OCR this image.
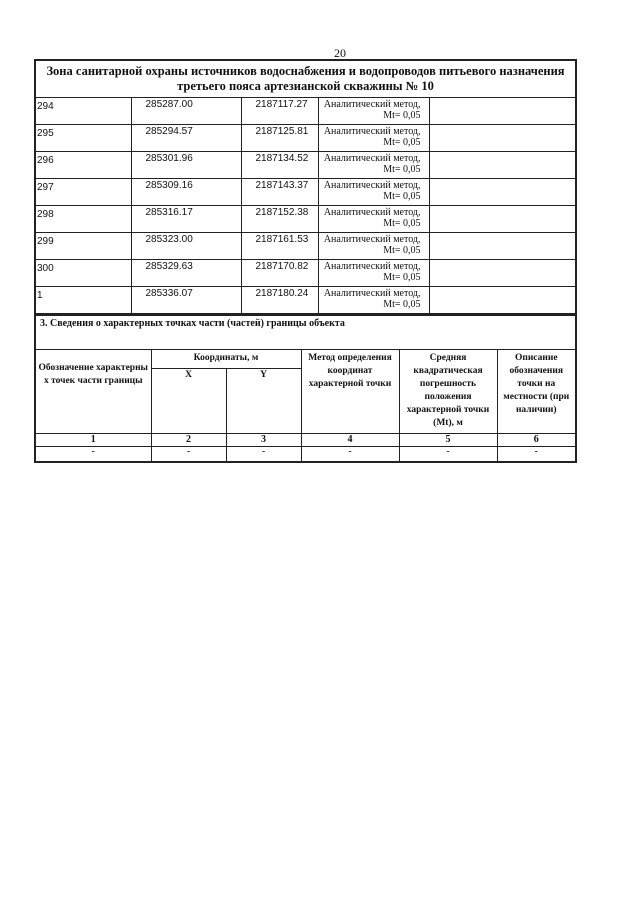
20
Зона санитарной охраны источников водоснабжения и водопроводов питьевого назначения третьего пояса артезианской скважины № 10				
294	285287.00	2187117.27	Аналитический метод,
Mt= 0,05	

295	285294.57	2187125.81	Аналитический метод,
Mt= 0,05	

296	285301.96	2187134.52	Аналитический метод,
Mt= 0,05	

297	285309.16	2187143.37	Аналитический метод,
Mt= 0,05	

298	285316.17	2187152.38	Аналитический метод,
Mt= 0,05	

299	285323.00	2187161.53	Аналитический метод,
Mt= 0,05	

300	285329.63	2187170.82	Аналитический метод,
Mt= 0,05	

1	285336.07	2187180.24	Аналитический метод,
Mt= 0,05	

3. Сведения о характерных точках части (частей) границы объекта					
Обозначение характерны х точек части границы	Координаты, м		Метод определения координат характерной точки	Средняя квадратическая погрешность положения характерной точки (Mt), м	Описание обозначения точки на местности (при наличии)
	X	Y			
1	2	3	4	5	6
-	-	-	-	-	-
